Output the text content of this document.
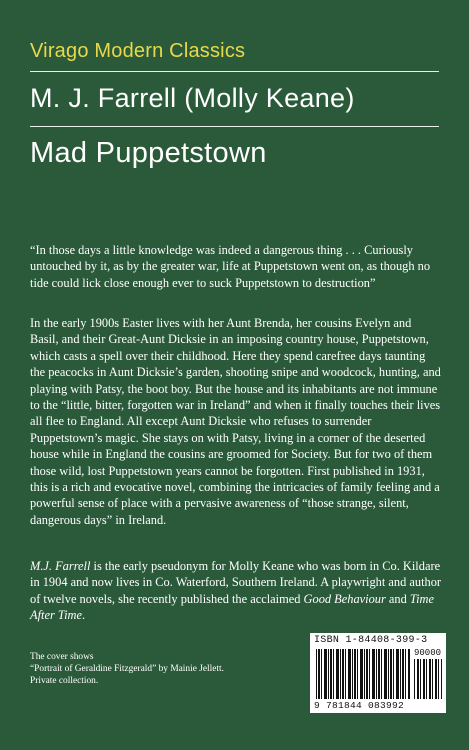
Virago Modern Classics
M. J. Farrell (Molly Keane)
Mad Puppetstown

“In those days a little knowledge was indeed a dangerous thing . . . Curiously untouched by it, as by the greater war, life at Puppetstown went on, as though no tide could lick close enough ever to suck Puppetstown to destruction”

In the early 1900s Easter lives with her Aunt Brenda, her cousins Evelyn and Basil, and their Great-Aunt Dicksie in an imposing country house, Puppetstown, which casts a spell over their childhood. Here they spend carefree days taunting the peacocks in Aunt Dicksie’s garden, shooting snipe and woodcock, hunting, and playing with Patsy, the boot boy. But the house and its inhabitants are not immune to the “little, bitter, forgotten war in Ireland” and when it finally touches their lives all flee to England. All except Aunt Dicksie who refuses to surrender Puppetstown’s magic. She stays on with Patsy, living in a corner of the deserted house while in England the cousins are groomed for Society. But for two of them those wild, lost Puppetstown years cannot be forgotten. First published in 1931, this is a rich and evocative novel, combining the intricacies of family feeling and a powerful sense of place with a pervasive awareness of “those strange, silent, dangerous days” in Ireland.

M.J. Farrell is the early pseudonym for Molly Keane who was born in Co. Kildare in 1904 and now lives in Co. Waterford, Southern Ireland. A playwright and author of twelve novels, she recently published the acclaimed Good Behaviour and Time After Time.

The cover shows
“Portrait of Geraldine Fitzgerald” by Mainie Jellett.
Private collection.

ISBN 1-84408-399-3
90000
9 781844 083992
